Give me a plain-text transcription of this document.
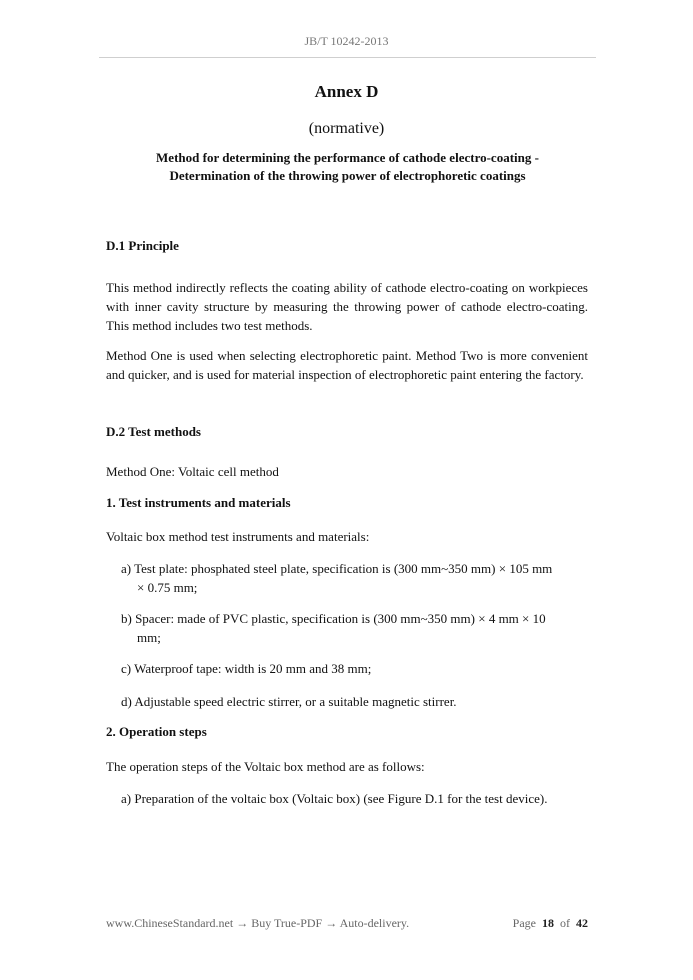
JB/T 10242-2013
Annex D
(normative)
Method for determining the performance of cathode electro-coating -
Determination of the throwing power of electrophoretic coatings
D.1 Principle
This method indirectly reflects the coating ability of cathode electro-coating on workpieces with inner cavity structure by measuring the throwing power of cathode electro-coating. This method includes two test methods.
Method One is used when selecting electrophoretic paint. Method Two is more convenient and quicker, and is used for material inspection of electrophoretic paint entering the factory.
D.2 Test methods
Method One: Voltaic cell method
1. Test instruments and materials
Voltaic box method test instruments and materials:
a) Test plate: phosphated steel plate, specification is (300 mm~350 mm) × 105 mm
× 0.75 mm;
b) Spacer: made of PVC plastic, specification is (300 mm~350 mm) × 4 mm × 10
mm;
c) Waterproof tape: width is 20 mm and 38 mm;
d) Adjustable speed electric stirrer, or a suitable magnetic stirrer.
2. Operation steps
The operation steps of the Voltaic box method are as follows:
a) Preparation of the voltaic box (Voltaic box) (see Figure D.1 for the test device).
www.ChineseStandard.net → Buy True-PDF → Auto-delivery.	Page 18 of 42
